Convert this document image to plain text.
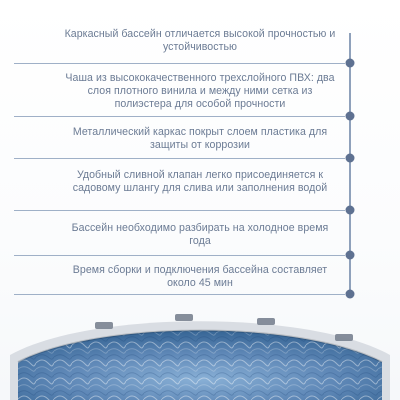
Каркасный бассейн отличается высокой прочностью и устойчивостью
Чаша из высококачественного трехслойного ПВХ: два слоя плотного винила и между ними сетка из полиэстера для особой прочности
Металлический каркас покрыт слоем пластика для защиты от коррозии
Удобный сливной клапан легко присоединяется к садовому шлангу для слива или заполнения водой
Бассейн необходимо разбирать на холодное время года
Время сборки и подключения бассейна составляет около 45 мин
